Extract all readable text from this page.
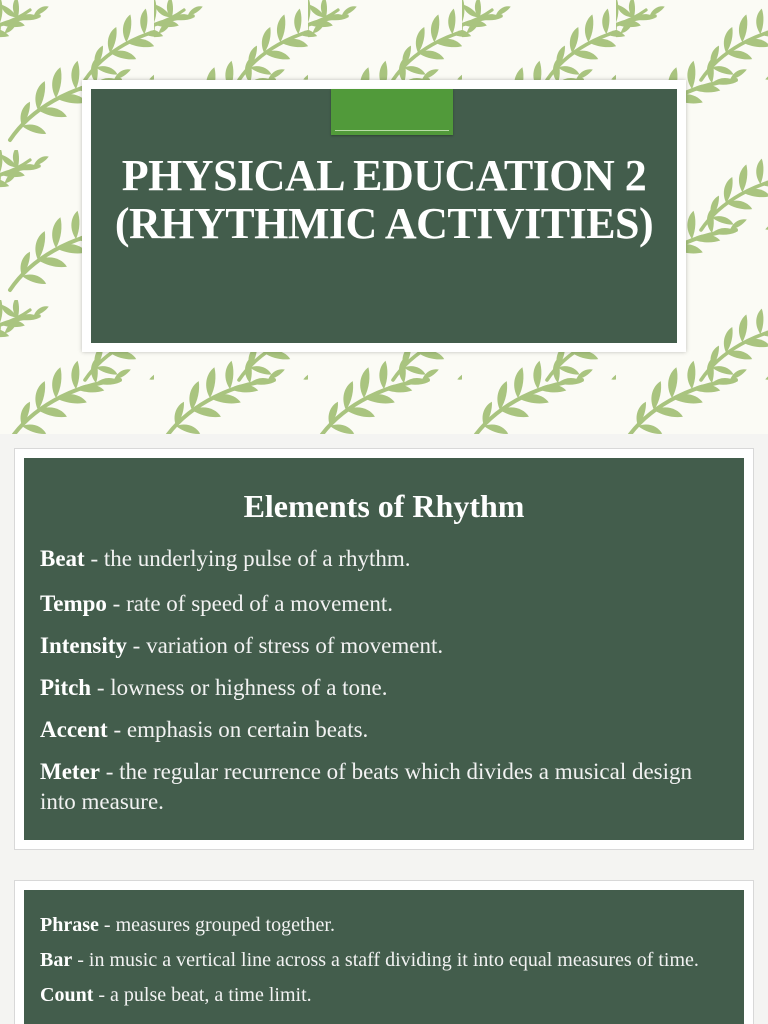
PHYSICAL EDUCATION 2
(RHYTHMIC ACTIVITIES)
Elements of Rhythm
Beat - the underlying pulse of a rhythm.
Tempo - rate of speed of a movement.
Intensity - variation of stress of movement.
Pitch - lowness or highness of a tone.
Accent - emphasis on certain beats.
Meter - the regular recurrence of beats which divides a musical design into measure.
Phrase - measures grouped together.
Bar - in music a vertical line across a staff dividing it into equal measures of time.
Count - a pulse beat, a time limit.
